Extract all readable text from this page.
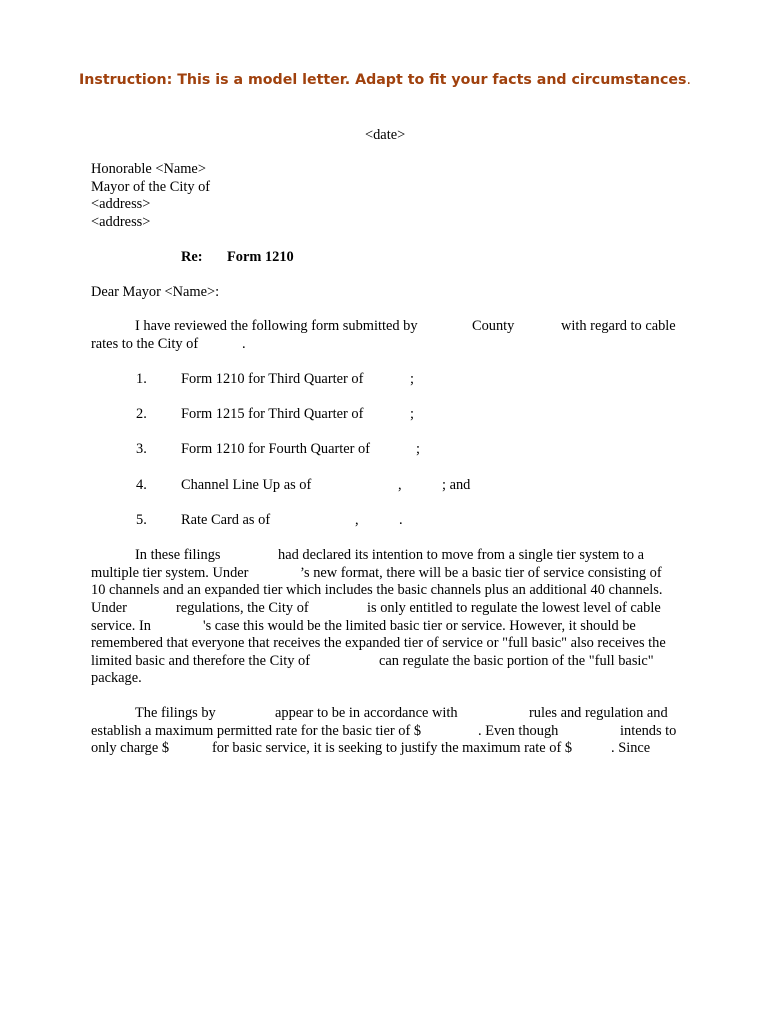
Instruction: This is a model letter. Adapt to fit your facts and circumstances.
<date>
Honorable <Name>
Mayor of the City of
<address>
<address>
Re: Form 1210
Dear Mayor <Name>:
I have reviewed the following form submitted by	County	with regard to cable
rates to the City of	.
1. Form 1210 for Third Quarter of	;
2. Form 1215 for Third Quarter of	;
3. Form 1210 for Fourth Quarter of	;
4. Channel Line Up as of	,	; and
5. Rate Card as of	,	.
In these filings	had declared its intention to move from a single tier system to a
multiple tier system. Under	’s new format, there will be a basic tier of service consisting of
10 channels and an expanded tier which includes the basic channels plus an additional 40 channels.
Under	regulations, the City of	is only entitled to regulate the lowest level of cable
service. In	's case this would be the limited basic tier or service. However, it should be
remembered that everyone that receives the expanded tier of service or "full basic" also receives the
limited basic and therefore the City of	can regulate the basic portion of the "full basic"
package.
The filings by	appear to be in accordance with	rules and regulation and
establish a maximum permitted rate for the basic tier of $	. Even though	intends to
only charge $	for basic service, it is seeking to justify the maximum rate of $	. Since
